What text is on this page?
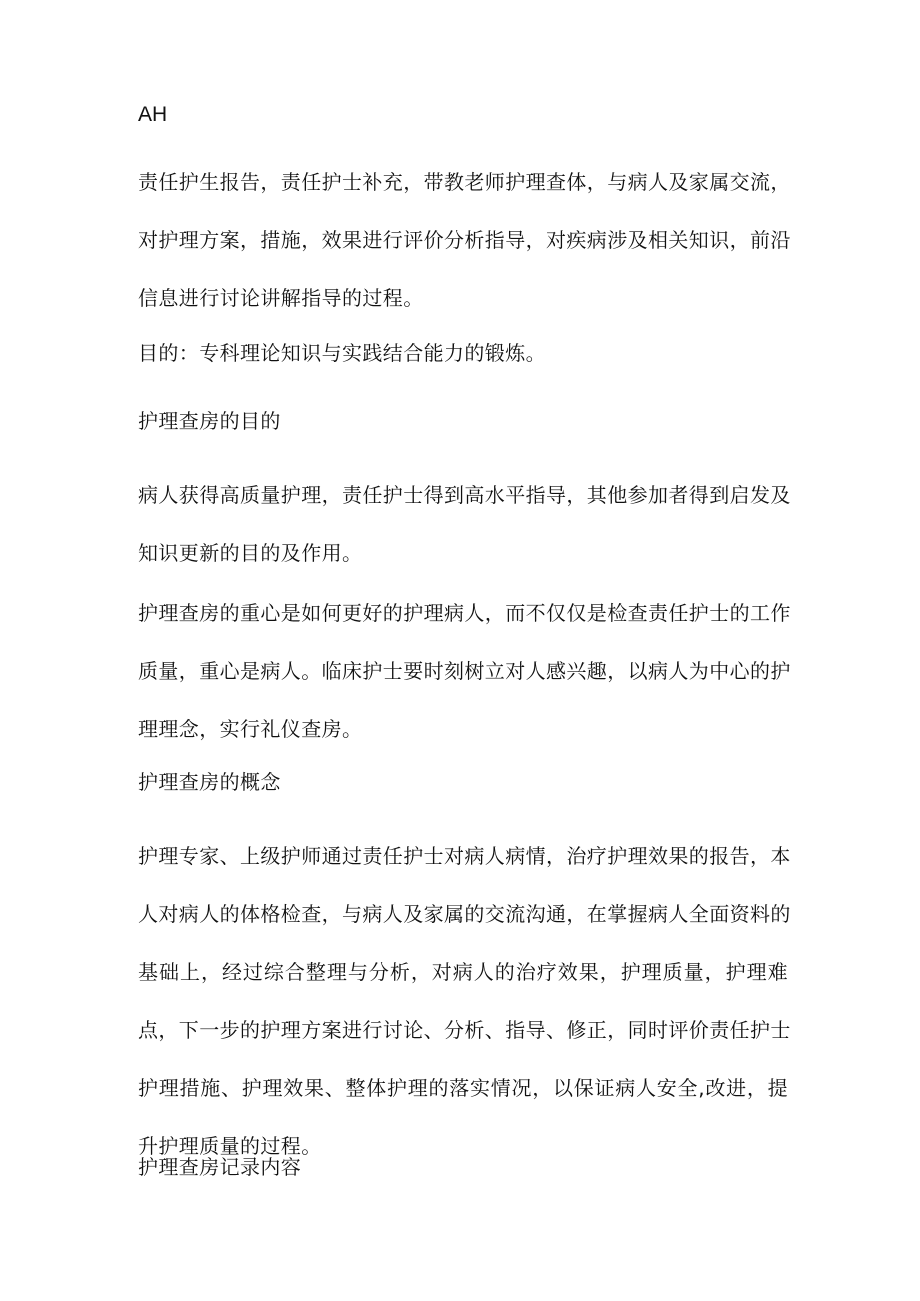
AH
责任护生报告，责任护士补充，带教老师护理查体，与病人及家属交流，
对护理方案，措施，效果进行评价分析指导，对疾病涉及相关知识，前沿
信息进行讨论讲解指导的过程。
目的：专科理论知识与实践结合能力的锻炼。
护理查房的目的
病人获得高质量护理，责任护士得到高水平指导，其他参加者得到启发及
知识更新的目的及作用。
护理查房的重心是如何更好的护理病人，而不仅仅是检查责任护士的工作
质量，重心是病人。临床护士要时刻树立对人感兴趣，以病人为中心的护
理理念，实行礼仪查房。
护理查房的概念
护理专家、上级护师通过责任护士对病人病情，治疗护理效果的报告，本
人对病人的体格检查，与病人及家属的交流沟通，在掌握病人全面资料的
基础上，经过综合整理与分析，对病人的治疗效果，护理质量，护理难
点，下一步的护理方案进行讨论、分析、指导、修正，同时评价责任护士
护理措施、护理效果、整体护理的落实情况，以保证病人安全,改进，提
升护理质量的过程。
护理查房记录内容
